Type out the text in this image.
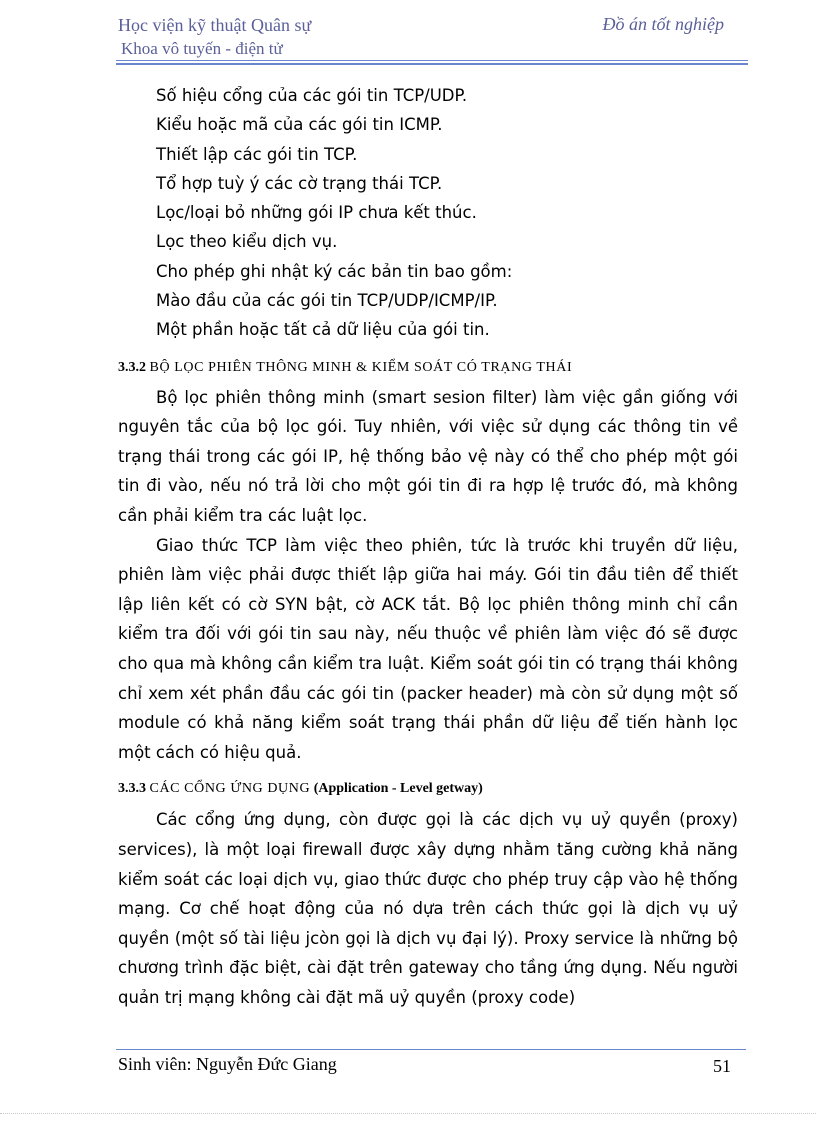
Học viện kỹ thuật Quân sự
Khoa vô tuyến - điện tử
Đồ án tốt nghiệp
Số hiệu cổng của các gói tin TCP/UDP.
Kiểu hoặc mã của các gói tin ICMP.
Thiết lập các gói tin TCP.
Tổ hợp tuỳ ý các cờ trạng thái TCP.
Lọc/loại bỏ những gói IP chưa kết thúc.
Lọc theo kiểu dịch vụ.
Cho phép ghi nhật ký các bản tin bao gồm:
Mào đầu của các gói tin TCP/UDP/ICMP/IP.
Một phần hoặc tất cả dữ liệu của gói tin.
3.3.2 BỘ LỌC PHIÊN THÔNG MINH & KIỂM SOÁT CÓ TRẠNG THÁI

Bộ lọc phiên thông minh (smart sesion filter) làm việc gần giống với nguyên tắc của bộ lọc gói. Tuy nhiên, với việc sử dụng các thông tin về trạng thái trong các gói IP, hệ thống bảo vệ này có thể cho phép một gói tin đi vào, nếu nó trả lời cho một gói tin đi ra hợp lệ trước đó, mà không cần phải kiểm tra các luật lọc.

Giao thức TCP làm việc theo phiên, tức là trước khi truyền dữ liệu, phiên làm việc phải được thiết lập giữa hai máy. Gói tin đầu tiên để thiết lập liên kết có cờ SYN bật, cờ ACK tắt. Bộ lọc phiên thông minh chỉ cần kiểm tra đối với gói tin sau này, nếu thuộc về phiên làm việc đó sẽ được cho qua mà không cần kiểm tra luật. Kiểm soát gói tin có trạng thái không chỉ xem xét phần đầu các gói tin (packer header) mà còn sử dụng một số module có khả năng kiểm soát trạng thái phần dữ liệu để tiến hành lọc một cách có hiệu quả.

3.3.3 CÁC CỔNG ỨNG DỤNG (Application - Level getway)

Các cổng ứng dụng, còn được gọi là các dịch vụ uỷ quyền (proxy) services), là một loại firewall được xây dựng nhằm tăng cường khả năng kiểm soát các loại dịch vụ, giao thức được cho phép truy cập vào hệ thống mạng. Cơ chế hoạt động của nó dựa trên cách thức gọi là dịch vụ uỷ quyền (một số tài liệu jcòn gọi là dịch vụ đại lý). Proxy service là những bộ chương trình đặc biệt, cài đặt trên gateway cho tầng ứng dụng. Nếu người quản trị mạng không cài đặt mã uỷ quyền (proxy code)

Sinh viên: Nguyễn Đức Giang	51
